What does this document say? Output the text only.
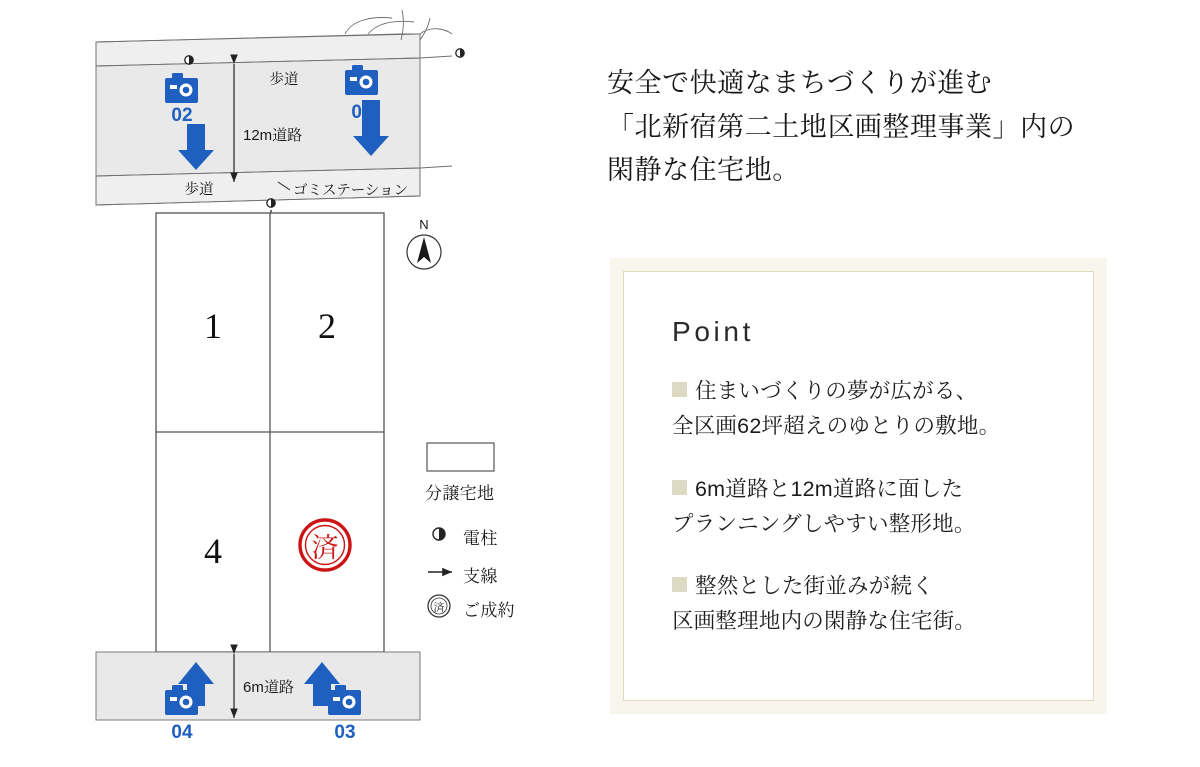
歩道
歩道
12m道路
ゴミステーション
01
02
1	2
4	済
6m道路
04	03
N
済
分譲宅地
電柱
支線
ご成約
安全で快適なまちづくりが進む
「北新宿第二土地区画整理事業」内の
閑静な住宅地。
Point
住まいづくりの夢が広がる、
全区画62坪超えのゆとりの敷地。
6m道路と12m道路に面した
プランニングしやすい整形地。
整然とした街並みが続く
区画整理地内の閑静な住宅街。
